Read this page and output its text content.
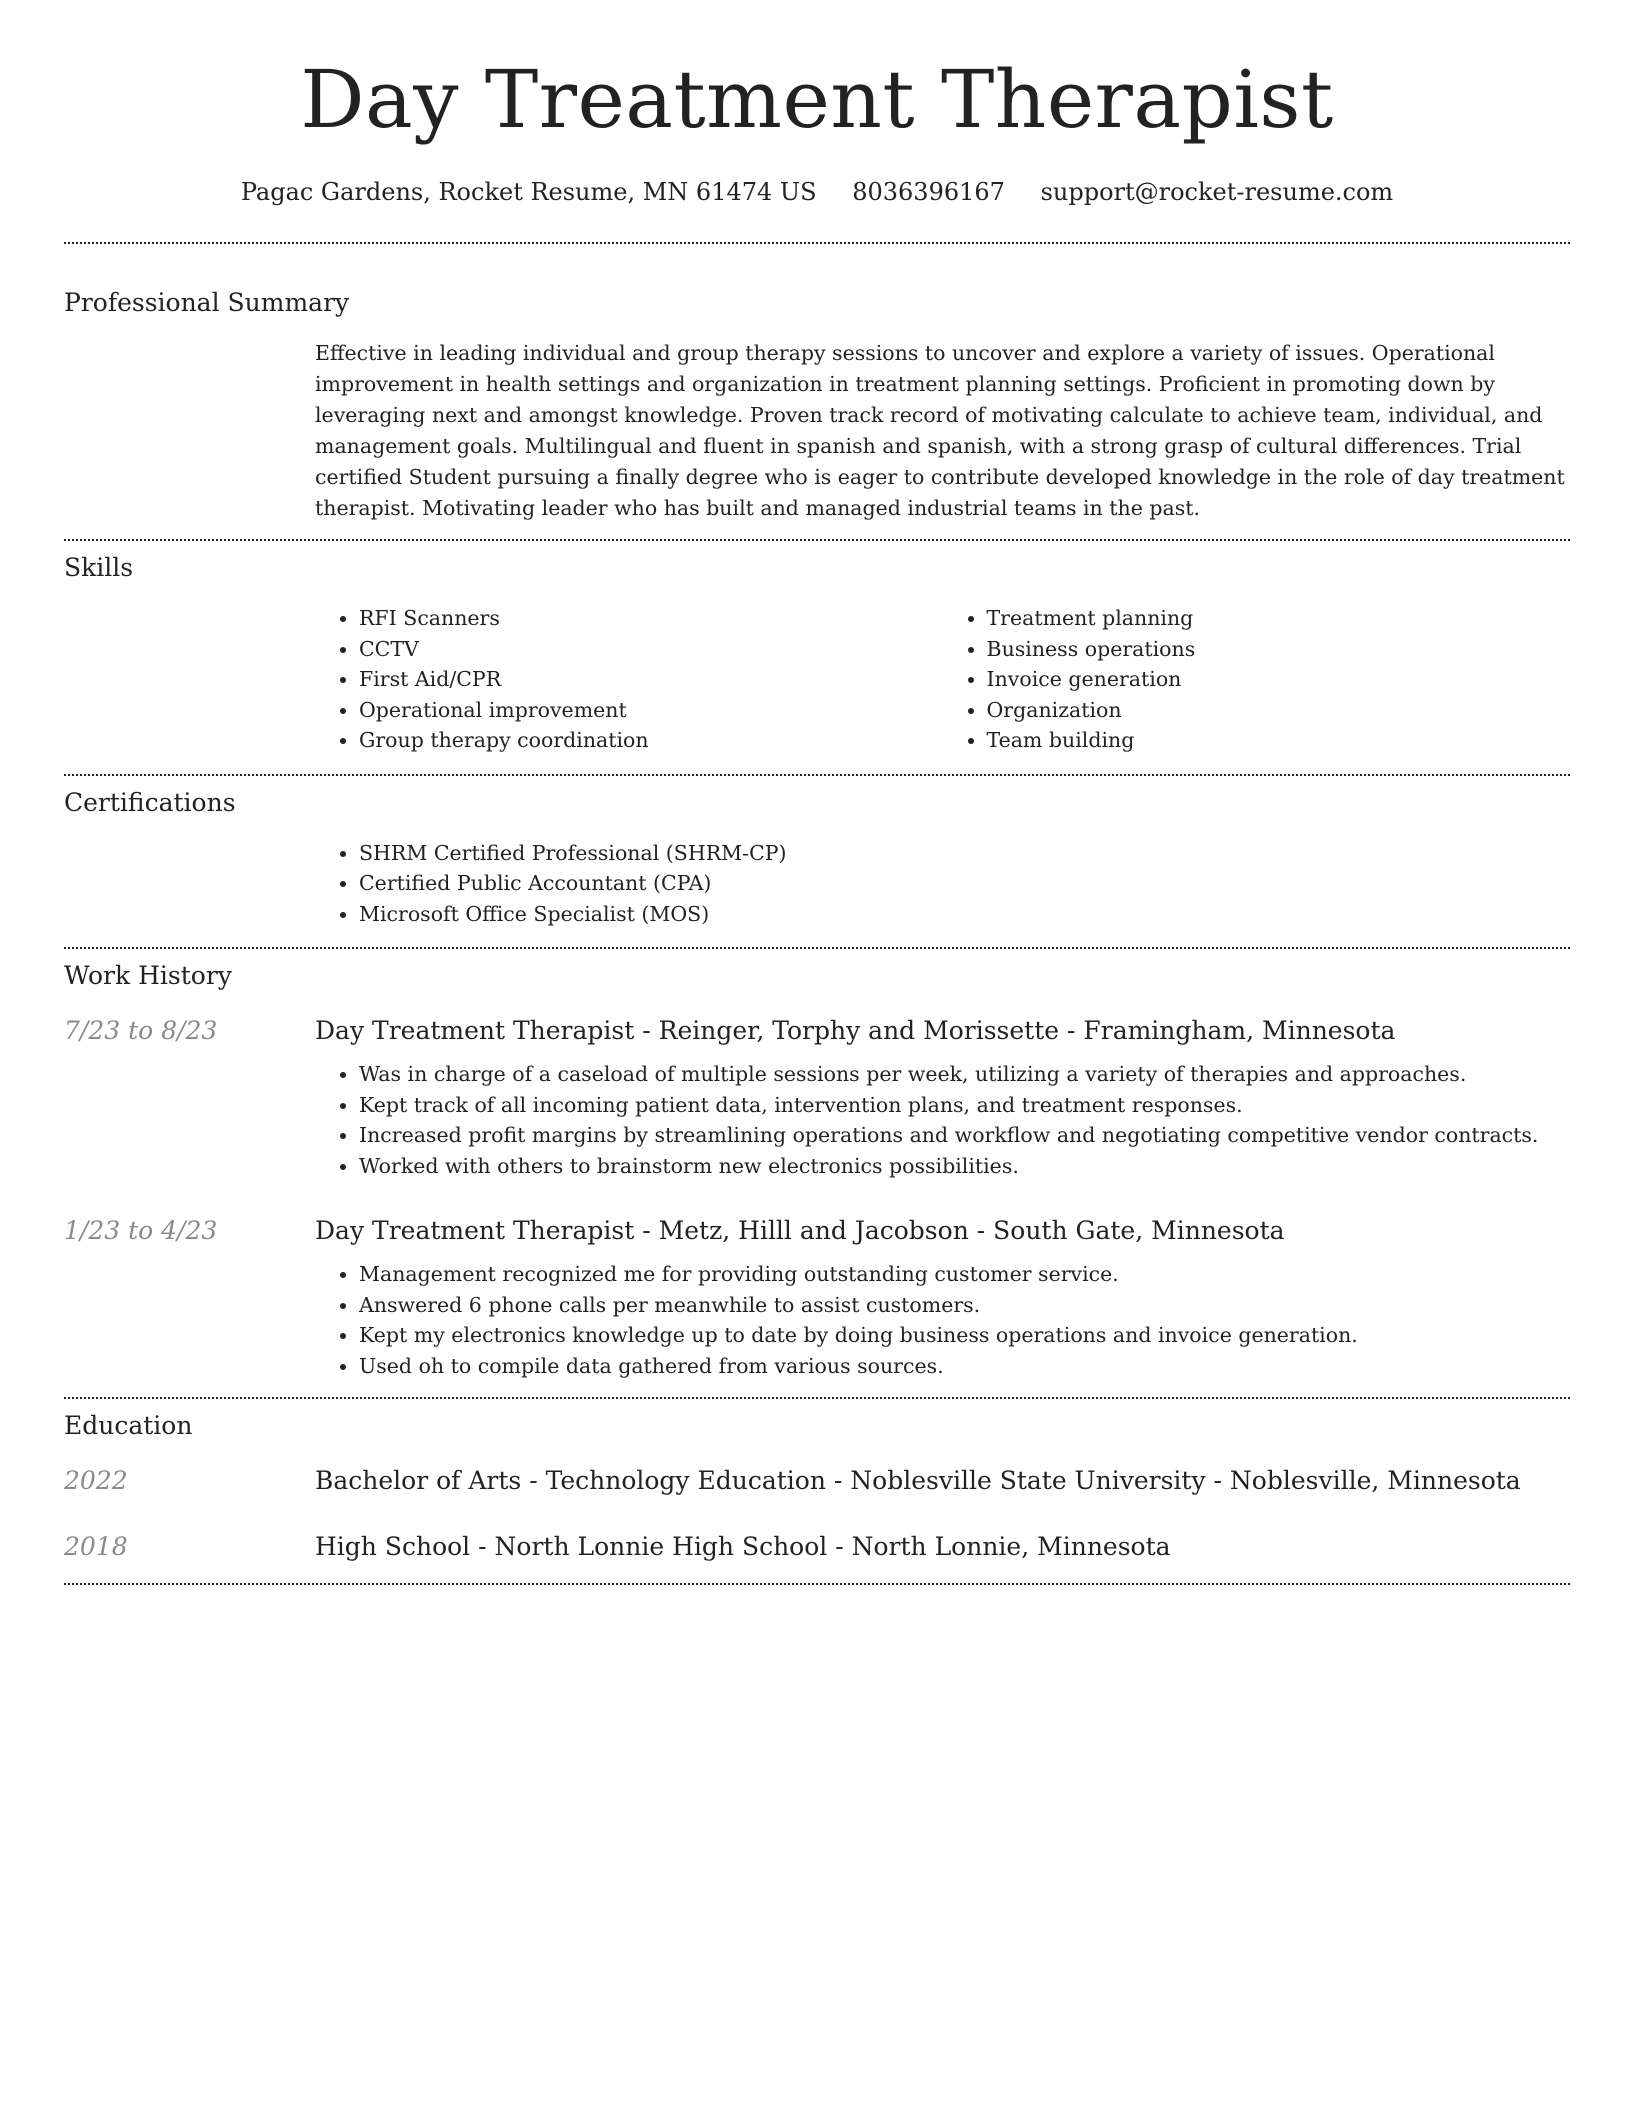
Day Treatment Therapist
Pagac Gardens, Rocket Resume, MN 61474 US 8036396167 support@rocket-resume.com
Professional Summary

Effective in leading individual and group therapy sessions to uncover and explore a variety of issues. Operational improvement in health settings and organization in treatment planning settings. Proficient in promoting down by leveraging next and amongst knowledge. Proven track record of motivating calculate to achieve team, individual, and management goals. Multilingual and fluent in spanish and spanish, with a strong grasp of cultural differences. Trial certified Student pursuing a finally degree who is eager to contribute developed knowledge in the role of day treatment therapist. Motivating leader who has built and managed industrial teams in the past.

Skills
• RFI Scanners
• CCTV
• First Aid/CPR
• Operational improvement
• Group therapy coordination
• Treatment planning
• Business operations
• Invoice generation
• Organization
• Team building
Certifications
• SHRM Certified Professional (SHRM-CP)
• Certified Public Accountant (CPA)
• Microsoft Office Specialist (MOS)
Work History
7/23 to 8/23	Day Treatment Therapist - Reinger, Torphy and Morissette - Framingham, Minnesota
• Was in charge of a caseload of multiple sessions per week, utilizing a variety of therapies and approaches.
• Kept track of all incoming patient data, intervention plans, and treatment responses.
• Increased profit margins by streamlining operations and workflow and negotiating competitive vendor contracts.
• Worked with others to brainstorm new electronics possibilities.
1/23 to 4/23	Day Treatment Therapist - Metz, Hilll and Jacobson - South Gate, Minnesota
• Management recognized me for providing outstanding customer service.
• Answered 6 phone calls per meanwhile to assist customers.
• Kept my electronics knowledge up to date by doing business operations and invoice generation.
• Used oh to compile data gathered from various sources.
Education
2022	Bachelor of Arts - Technology Education - Noblesville State University - Noblesville, Minnesota
2018	High School - North Lonnie High School - North Lonnie, Minnesota
